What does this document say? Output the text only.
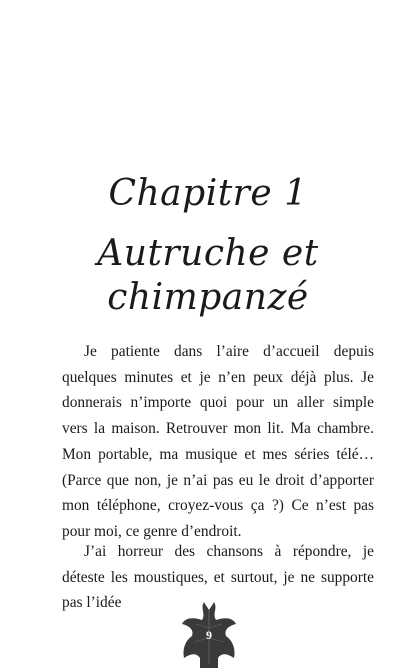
Chapitre 1
Autruche et chimpanzé

Je patiente dans l’aire d’accueil depuis quelques minutes et je n’en peux déjà plus. Je donnerais n’importe quoi pour un aller simple vers la maison. Retrouver mon lit. Ma chambre. Mon portable, ma musique et mes séries télé… (Parce que non, je n’ai pas eu le droit d’apporter mon téléphone, croyez-vous ça ?) Ce n’est pas pour moi, ce genre d’endroit.

J’ai horreur des chansons à répondre, je déteste les moustiques, et surtout, je ne supporte pas l’idée

9
